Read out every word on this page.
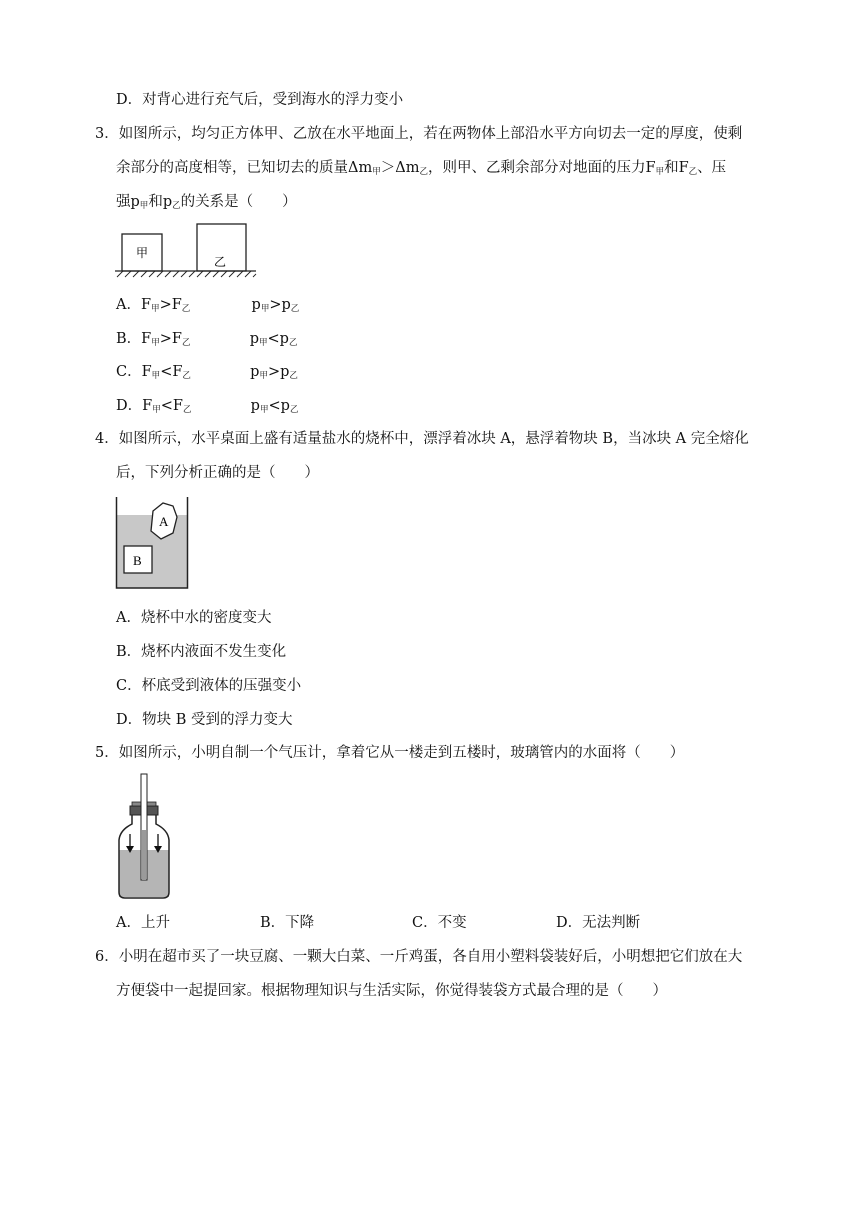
D．对背心进行充气后，受到海水的浮力变小
3．如图所示，均匀正方体甲、乙放在水平地面上，若在两物体上部沿水平方向切去一定的厚度，使剩
余部分的高度相等，已知切去的质量$\Delta m_甲>\Delta m_乙$，则甲、乙剩余部分对地面的压力$F_甲$和$F_乙$、压
强$p_甲$和$p_乙$的关系是（　　）
甲
乙
A．$F_甲>F_乙$	$p_甲>p_乙$
B．$F_甲>F_乙$	$p_甲<p_乙$
C．$F_甲<F_乙$	$p_甲>p_乙$
D．$F_甲<F_乙$	$p_甲<p_乙$
4．如图所示，水平桌面上盛有适量盐水的烧杯中，漂浮着冰块 A，悬浮着物块 B，当冰块 A 完全熔化
后，下列分析正确的是（　　）
A
B
A．烧杯中水的密度变大
B．烧杯内液面不发生变化
C．杯底受到液体的压强变小
D．物块 B 受到的浮力变大
5．如图所示，小明自制一个气压计，拿着它从一楼走到五楼时，玻璃管内的水面将（　　）
A．上升	B．下降	C．不变	D．无法判断
6．小明在超市买了一块豆腐、一颗大白菜、一斤鸡蛋，各自用小塑料袋装好后，小明想把它们放在大
方便袋中一起提回家。根据物理知识与生活实际，你觉得装袋方式最合理的是（　　）
